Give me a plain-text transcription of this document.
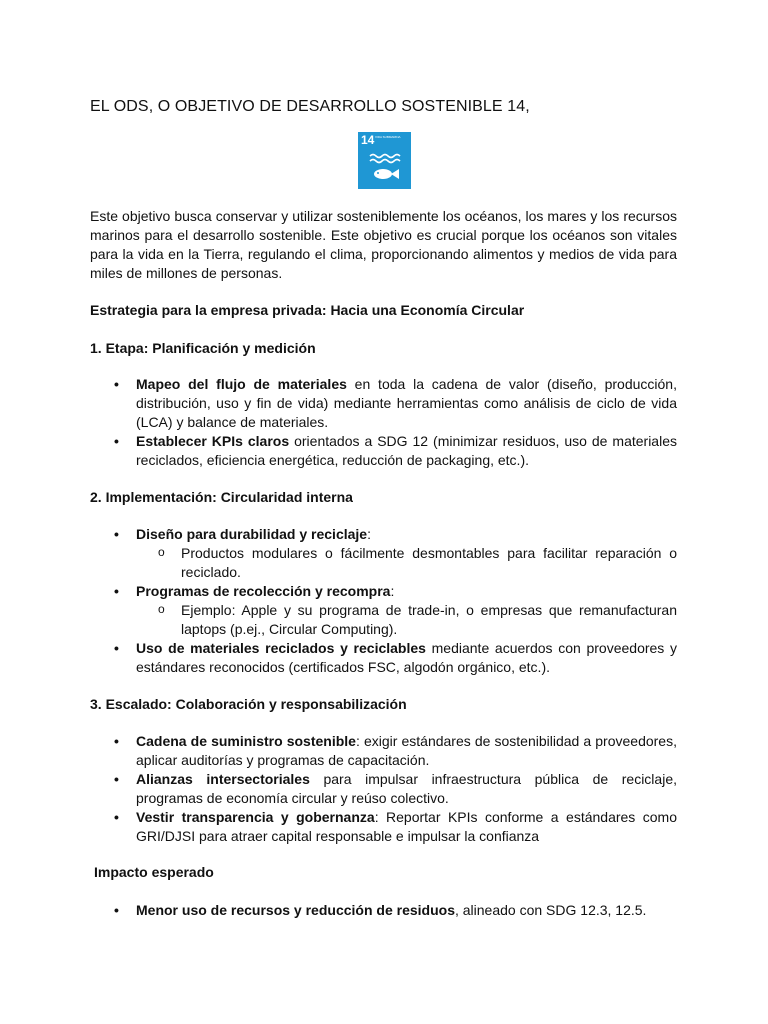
EL ODS, O OBJETIVO DE DESARROLLO SOSTENIBLE 14,
14 VIDA SUBMARINA
Este objetivo busca conservar y utilizar sosteniblemente los océanos, los mares y los recursos marinos para el desarrollo sostenible. Este objetivo es crucial porque los océanos son vitales para la vida en la Tierra, regulando el clima, proporcionando alimentos y medios de vida para miles de millones de personas.
Estrategia para la empresa privada: Hacia una Economía Circular
1. Etapa: Planificación y medición
• Mapeo del flujo de materiales en toda la cadena de valor (diseño, producción, distribución, uso y fin de vida) mediante herramientas como análisis de ciclo de vida (LCA) y balance de materiales.
• Establecer KPIs claros orientados a SDG 12 (minimizar residuos, uso de materiales reciclados, eficiencia energética, reducción de packaging, etc.).
2. Implementación: Circularidad interna
• Diseño para durabilidad y reciclaje:
o Productos modulares o fácilmente desmontables para facilitar reparación o reciclado.
• Programas de recolección y recompra:
o Ejemplo: Apple y su programa de trade-in, o empresas que remanufacturan laptops (p.ej., Circular Computing).
• Uso de materiales reciclados y reciclables mediante acuerdos con proveedores y estándares reconocidos (certificados FSC, algodón orgánico, etc.).
3. Escalado: Colaboración y responsabilización
• Cadena de suministro sostenible: exigir estándares de sostenibilidad a proveedores, aplicar auditorías y programas de capacitación.
• Alianzas intersectoriales para impulsar infraestructura pública de reciclaje, programas de economía circular y reúso colectivo.
• Vestir transparencia y gobernanza: Reportar KPIs conforme a estándares como GRI/DJSI para atraer capital responsable e impulsar la confianza
Impacto esperado
• Menor uso de recursos y reducción de residuos, alineado con SDG 12.3, 12.5.
